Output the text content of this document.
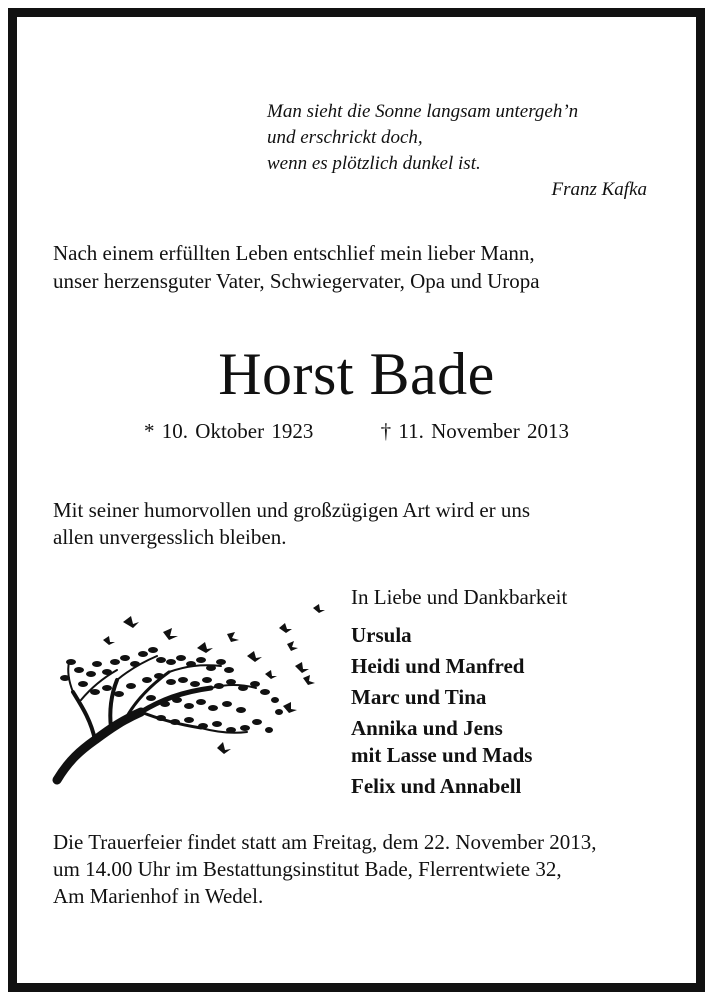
Man sieht die Sonne langsam untergeh’n
und erschrickt doch,
wenn es plötzlich dunkel ist.
Franz Kafka
Nach einem erfüllten Leben entschlief mein lieber Mann,
unser herzensguter Vater, Schwiegervater, Opa und Uropa
Horst Bade
* 10. Oktober 1923	† 11. November 2013
Mit seiner humorvollen und großzügigen Art wird er uns
allen unvergesslich bleiben.
In Liebe und Dankbarkeit
Ursula
Heidi und Manfred
Marc und Tina
Annika und Jens
mit Lasse und Mads
Felix und Annabell
Die Trauerfeier findet statt am Freitag, dem 22. November 2013,
um 14.00 Uhr im Bestattungsinstitut Bade, Flerrentwiete 32,
Am Marienhof in Wedel.
